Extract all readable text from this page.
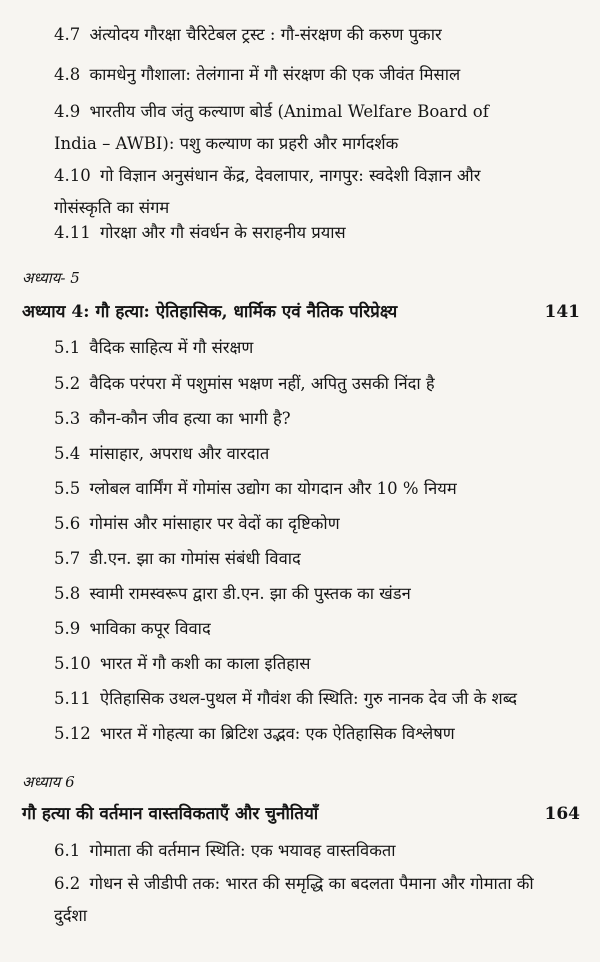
4.7 अंत्योदय गौरक्षा चैरिटेबल ट्रस्ट : गौ-संरक्षण की करुण पुकार
4.8 कामधेनु गौशाला: तेलंगाना में गौ संरक्षण की एक जीवंत मिसाल
4.9 भारतीय जीव जंतु कल्याण बोर्ड (Animal Welfare Board of India – AWBI): पशु कल्याण का प्रहरी और मार्गदर्शक
4.10 गो विज्ञान अनुसंधान केंद्र, देवलापार, नागपुर: स्वदेशी विज्ञान और गोसंस्कृति का संगम
4.11 गोरक्षा और गौ संवर्धन के सराहनीय प्रयास
अध्याय- 5
अध्याय 4: गौ हत्या: ऐतिहासिक, धार्मिक एवं नैतिक परिप्रेक्ष्य	141
5.1 वैदिक साहित्य में गौ संरक्षण
5.2 वैदिक परंपरा में पशुमांस भक्षण नहीं, अपितु उसकी निंदा है
5.3 कौन-कौन जीव हत्या का भागी है?
5.4 मांसाहार, अपराध और वारदात
5.5 ग्लोबल वार्मिंग में गोमांस उद्योग का योगदान और 10 % नियम
5.6 गोमांस और मांसाहार पर वेदों का दृष्टिकोण
5.7 डी.एन. झा का गोमांस संबंधी विवाद
5.8 स्वामी रामस्वरूप द्वारा डी.एन. झा की पुस्तक का खंडन
5.9 भाविका कपूर विवाद
5.10 भारत में गौ कशी का काला इतिहास
5.11 ऐतिहासिक उथल-पुथल में गौवंश की स्थिति: गुरु नानक देव जी के शब्द
5.12 भारत में गोहत्या का ब्रिटिश उद्भव: एक ऐतिहासिक विश्लेषण
अध्याय 6
गौ हत्या की वर्तमान वास्तविकताएँ और चुनौतियाँ	164
6.1 गोमाता की वर्तमान स्थिति: एक भयावह वास्तविकता
6.2 गोधन से जीडीपी तक: भारत की समृद्धि का बदलता पैमाना और गोमाता की दुर्दशा
